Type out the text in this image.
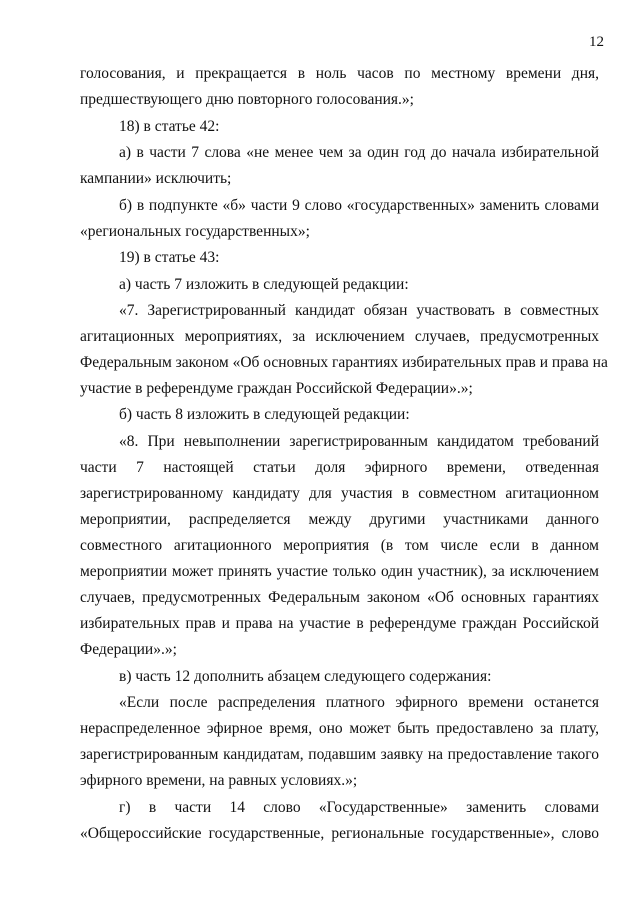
12
голосования, и прекращается в ноль часов по местному времени дня,
предшествующего дню повторного голосования.»;
18) в статье 42:
а) в части 7 слова «не менее чем за один год до начала избирательной
кампании» исключить;
б) в подпункте «б» части 9 слово «государственных» заменить словами
«региональных государственных»;
19) в статье 43:
а) часть 7 изложить в следующей редакции:
«7. Зарегистрированный кандидат обязан участвовать в совместных
агитационных мероприятиях, за исключением случаев, предусмотренных
Федеральным законом «Об основных гарантиях избирательных прав и права на
участие в референдуме граждан Российской Федерации».»;
б) часть 8 изложить в следующей редакции:
«8. При невыполнении зарегистрированным кандидатом требований
части 7 настоящей статьи доля эфирного времени, отведенная
зарегистрированному кандидату для участия в совместном агитационном
мероприятии, распределяется между другими участниками данного
совместного агитационного мероприятия (в том числе если в данном
мероприятии может принять участие только один участник), за исключением
случаев, предусмотренных Федеральным законом «Об основных гарантиях
избирательных прав и права на участие в референдуме граждан Российской
Федерации».»;
в) часть 12 дополнить абзацем следующего содержания:
«Если после распределения платного эфирного времени останется
нераспределенное эфирное время, оно может быть предоставлено за плату,
зарегистрированным кандидатам, подавшим заявку на предоставление такого
эфирного времени, на равных условиях.»;
г) в части 14 слово «Государственные» заменить словами
«Общероссийские государственные, региональные государственные», слово
